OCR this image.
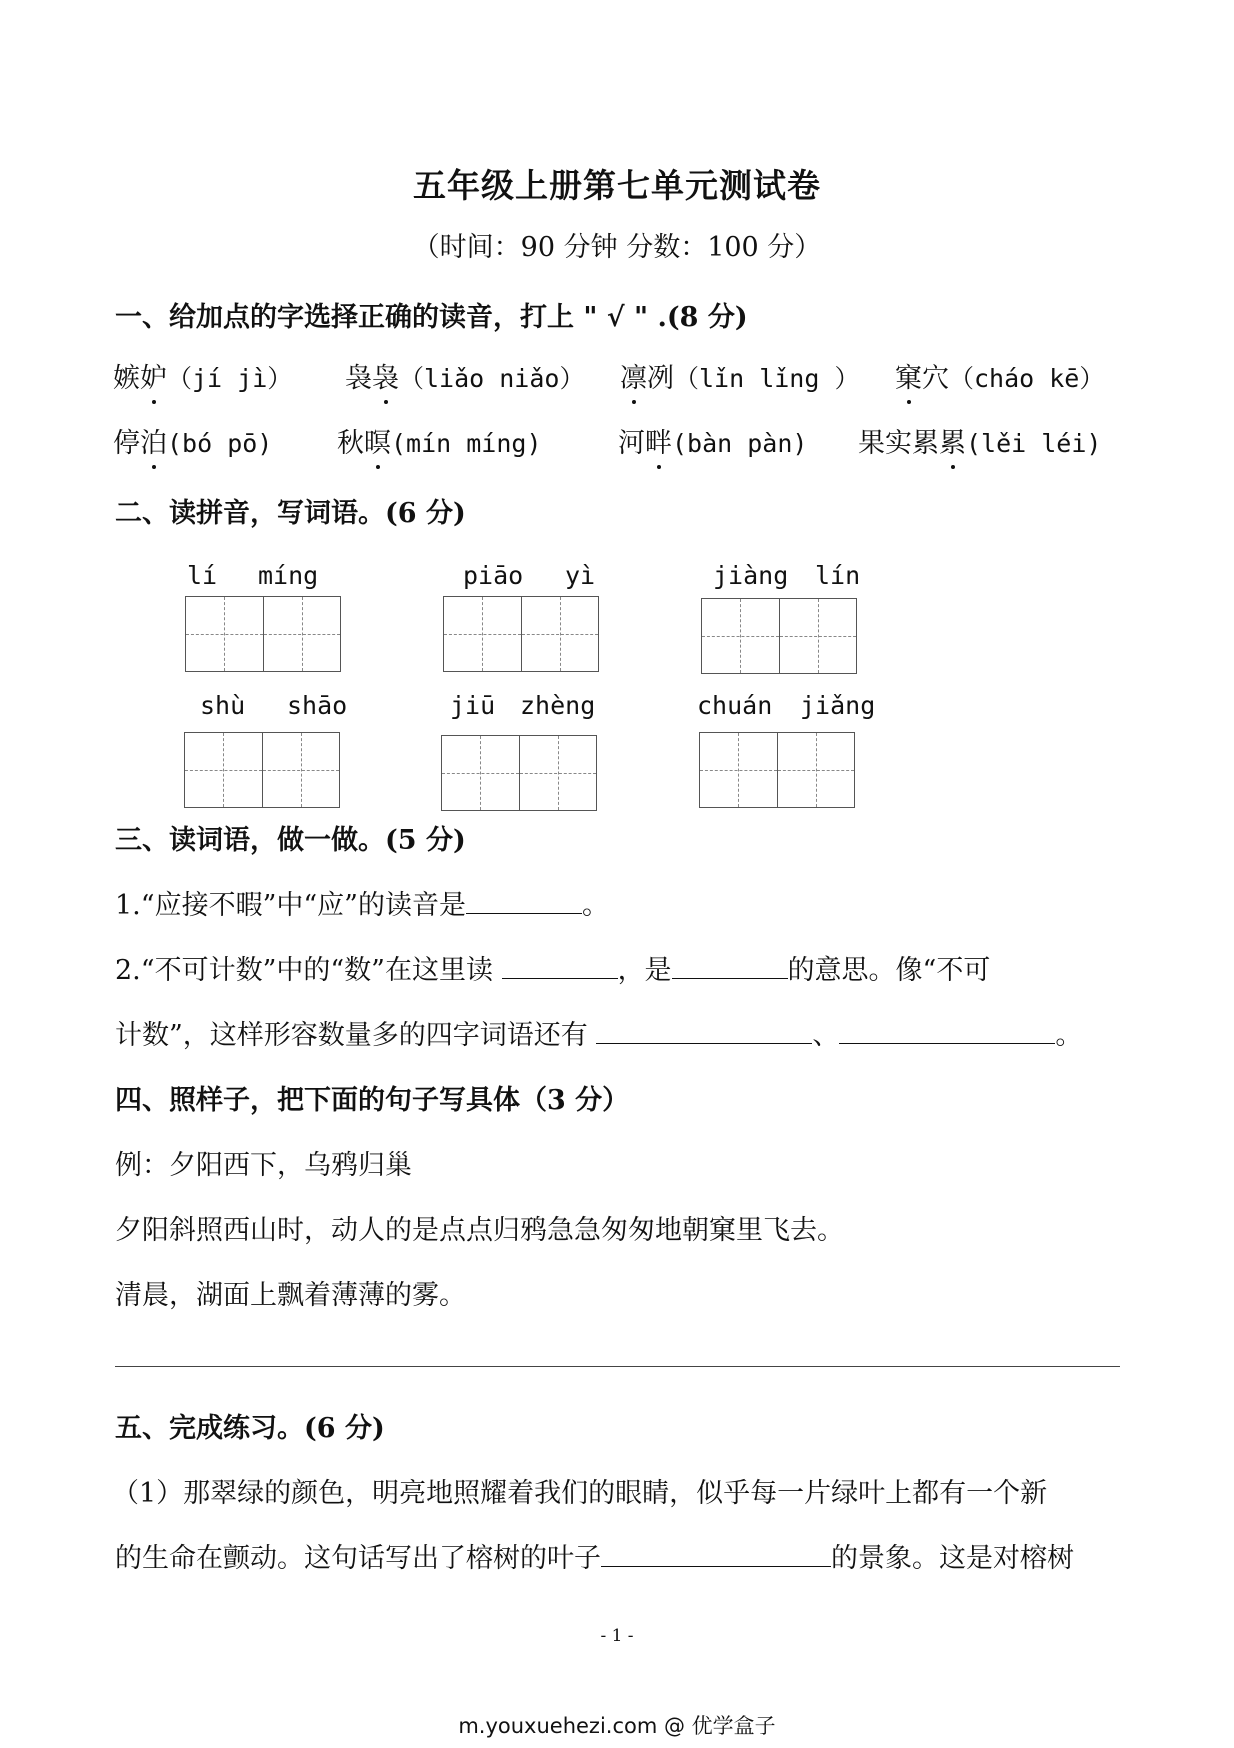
五年级上册第七单元测试卷
（时间：90 分钟 分数：100 分）
一、给加点的字选择正确的读音，打上 " √ " .(8 分)
嫉妒（jí jì） 袅袅（liǎo niǎo） 凛冽（lǐn lǐng ） 窠穴（cháo kē）
停泊(bó pō) 秋暝(mín míng)	河畔(bàn pàn) 果实累累(lěi léi)
二、读拼音，写词语。(6 分)
lí míng	piāo yì	jiàng lín
shù shāo	jiū zhèng	chuán jiǎng
三、读词语，做一做。(5 分)
1.“应接不暇”中“应”的读音是	。
2.“不可计数”中的“数”在这里读	，是	的意思。像“不可
计数”，这样形容数量多的四字词语还有	、	。
四、照样子，把下面的句子写具体（3 分）
例：夕阳西下，乌鸦归巢
夕阳斜照西山时，动人的是点点归鸦急急匆匆地朝窠里飞去。
清晨，湖面上飘着薄薄的雾。
五、完成练习。(6 分)
（1）那翠绿的颜色，明亮地照耀着我们的眼睛，似乎每一片绿叶上都有一个新
的生命在颤动。这句话写出了榕树的叶子	的景象。这是对榕树
- 1 -
m.youxuehezi.com @ 优学盒子
